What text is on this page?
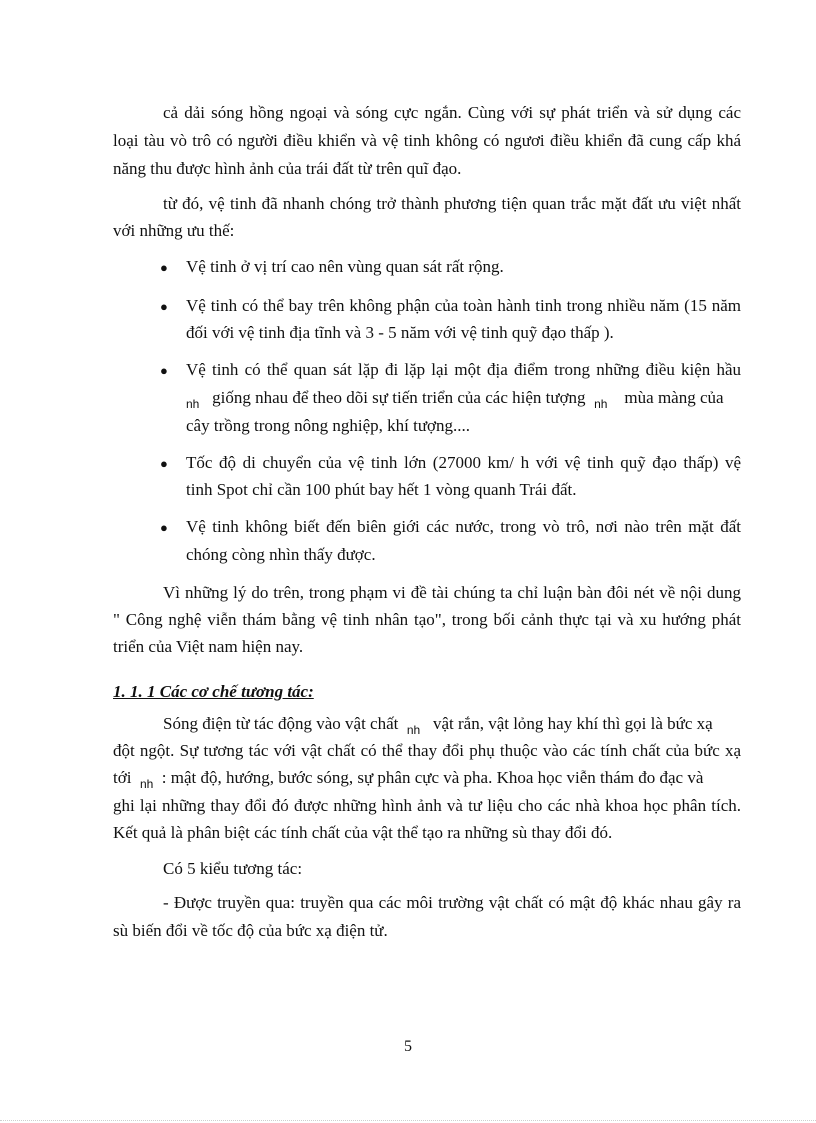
cả dải sóng hồng ngoại và sóng cực ngắn. Cùng với sự phát triển và sử dụng các
loại tàu vò trô có người điều khiển và vệ tinh không có ngươi điều khiển đã cung cấp khá
năng thu được hình ảnh của trái đất từ trên quĩ đạo.
từ đó, vệ tinh đã nhanh chóng trở thành phương tiện quan trắc mặt đất ưu việt nhất
với những ưu thế:
● Vệ tinh ở vị trí cao nên vùng quan sát rất rộng.
● Vệ tinh có thể bay trên không phận của toàn hành tinh trong nhiều năm (15 năm
đối với vệ tinh địa tĩnh và 3 - 5 năm với vệ tinh quỹ đạo thấp ).
● Vệ tinh có thể quan sát lặp đi lặp lại một địa điểm trong những điều kiện hầu
$_{nh}$ giống nhau để theo dõi sự tiến triển của các hiện tượng $_{nh}$ mùa màng của
cây trồng trong nông nghiệp, khí tượng....
● Tốc độ di chuyển của vệ tinh lớn (27000 km/ h với vệ tinh quỹ đạo thấp) vệ
tinh Spot chỉ cần 100 phút bay hết 1 vòng quanh Trái đất.
● Vệ tinh không biết đến biên giới các nước, trong vò trô, nơi nào trên mặt đất
chóng còng nhìn thấy được.
Vì những lý do trên, trong phạm vi đề tài chúng ta chỉ luận bàn đôi nét về nội dung
" Công nghệ viễn thám bằng vệ tinh nhân tạo", trong bối cảnh thực tại và xu hướng phát
triển của Việt nam hiện nay.
1. 1. 1 Các cơ chế tương tác:
Sóng điện từ tác động vào vật chất $_{nh}$ vật rắn, vật lỏng hay khí thì gọi là bức xạ
đột ngột. Sự tương tác với vật chất có thể thay đổi phụ thuộc vào các tính chất của bức xạ
tới $_{nh}$ : mật độ, hướng, bước sóng, sự phân cực và pha. Khoa học viễn thám đo đạc và
ghi lại những thay đổi đó được những hình ảnh và tư liệu cho các nhà khoa học phân tích.
Kết quả là phân biệt các tính chất của vật thể tạo ra những sù thay đổi đó.
Có 5 kiểu tương tác:
- Được truyền qua: truyền qua các môi trường vật chất có mật độ khác nhau gây ra
sù biến đổi về tốc độ của bức xạ điện tử.
5
